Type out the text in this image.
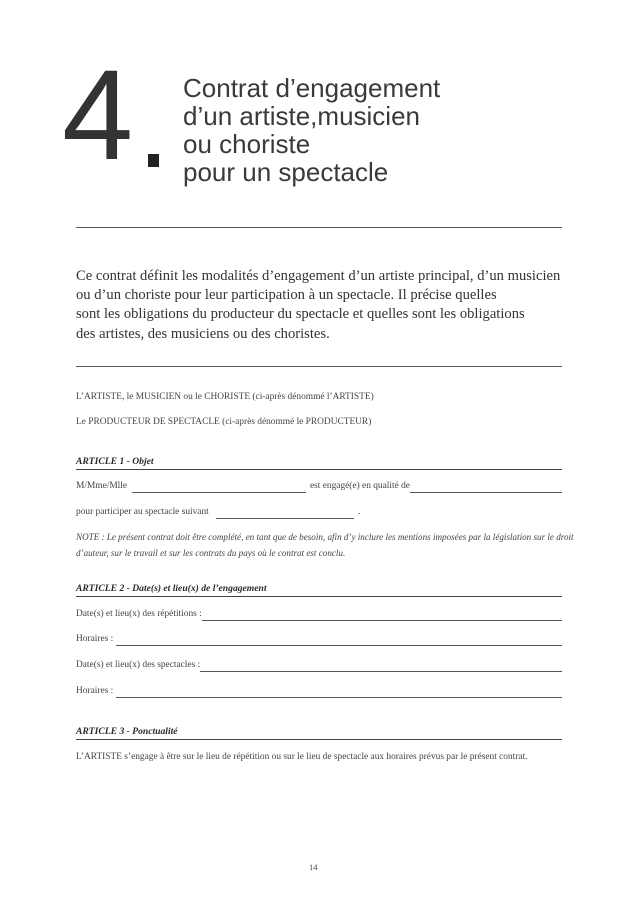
4 Contrat d’engagement
d’un artiste,musicien
ou choriste
pour un spectacle
Ce contrat définit les modalités d’engagement d’un artiste principal, d’un musicien
ou d’un choriste pour leur participation à un spectacle. Il précise quelles
sont les obligations du producteur du spectacle et quelles sont les obligations
des artistes, des musiciens ou des choristes.
L’ARTISTE, le MUSICIEN ou le CHORISTE (ci-après dénommé l’ARTISTE)
Le PRODUCTEUR DE SPECTACLE (ci-après dénommé le PRODUCTEUR)
ARTICLE 1 - Objet
M/Mme/Mlle	est engagé(e) en qualité de
pour participer au spectacle suivant	.
NOTE : Le présent contrat doit être complété, en tant que de besoin, afin d’y inclure les mentions imposées par la législation sur le droit
d’auteur, sur le travail et sur les contrats du pays où le contrat est conclu.
ARTICLE 2 - Date(s) et lieu(x) de l’engagement
Date(s) et lieu(x) des répétitions :
Horaires :
Date(s) et lieu(x) des spectacles :
Horaires :
ARTICLE 3 - Ponctualité
L’ARTISTE s’engage à être sur le lieu de répétition ou sur le lieu de spectacle aux horaires prévus par le présent contrat.
14
